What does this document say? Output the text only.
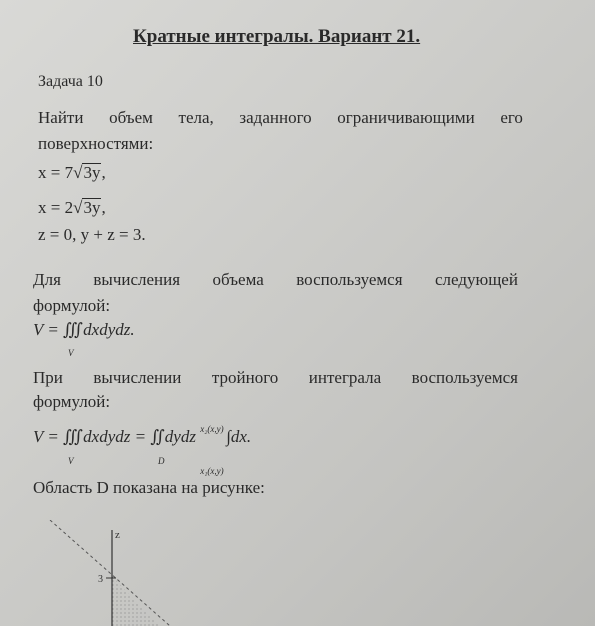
Кратные интегралы. Вариант 21.
Задача 10
Найти объем тела, заданного ограничивающими его
поверхностями:
x = 7√3y,
x = 2√3y,
z = 0, y + z = 3.
Для вычисления объема воспользуемся следующей
формулой:
V = ∭dxdydz.
V
При вычислении тройного интеграла воспользуемся
формулой:
V = ∭dxdydz = ∬dydz x₂(x,y)
x₁(x,y)
∫dx.
V	D
Область D показана на рисунке:
z
3
